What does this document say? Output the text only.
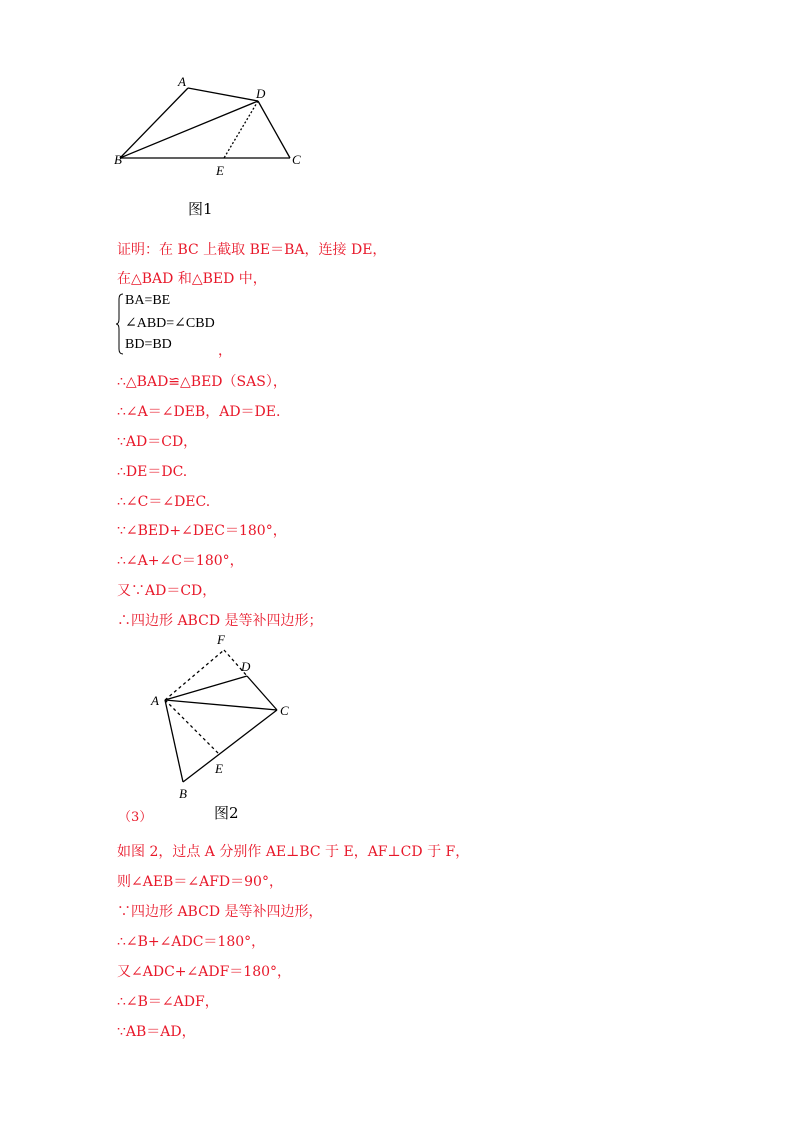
A
D
B	C
E
图1
证明：在 BC 上截取 BE＝BA，连接 DE，
在△BAD 和△BED 中，
BA=BE
∠ABD=∠CBD
BD=BD	，
∴△BAD≌△BED（SAS），
∴∠A＝∠DEB，AD＝DE.
∵AD＝CD，
∴DE＝DC.
∴∠C＝∠DEC.
∵∠BED+∠DEC＝180°，
∴∠A+∠C＝180°，
又∵AD＝CD，
∴四边形 ABCD 是等补四边形；
F
D
A
C
E
B
（3）	图2
如图 2，过点 A 分别作 AE⊥BC 于 E，AF⊥CD 于 F，
则∠AEB＝∠AFD＝90°，
∵四边形 ABCD 是等补四边形，
∴∠B+∠ADC＝180°，
又∠ADC+∠ADF＝180°，
∴∠B＝∠ADF，
∵AB＝AD，
